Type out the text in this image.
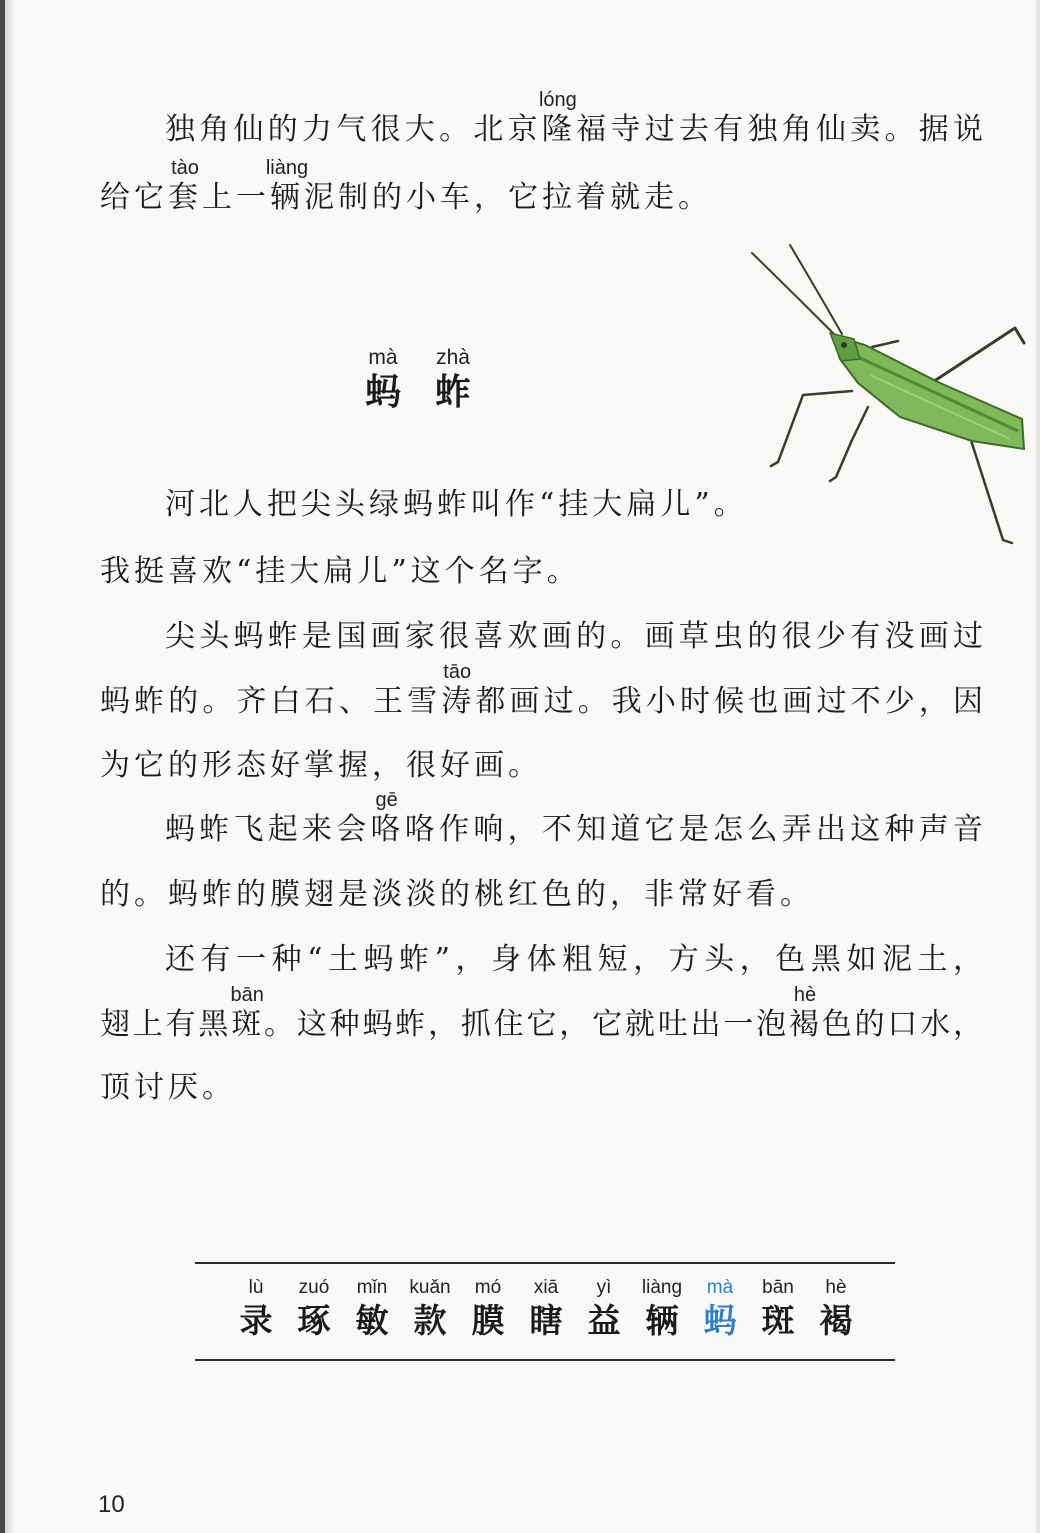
独角仙的力气很大。北京
lóng
隆福寺过去有独角仙卖。据说
给它
tào
套上一
liàng
辆泥制的小车，它拉着就走。
mà
蚂
zhà
蚱
河北人把尖头绿蚂蚱叫作“挂大扁儿”。
我挺喜欢“挂大扁儿”这个名字。
尖头蚂蚱是国画家很喜欢画的。画草虫的很少有没画过
蚂蚱的。齐白石、王雪
tāo
涛都画过。我小时候也画过不少，因
为它的形态好掌握，很好画。
蚂蚱飞起来会
gē
咯咯作响，不知道它是怎么弄出这种声音
的。蚂蚱的膜翅是淡淡的桃红色的，非常好看。
还有一种“土蚂蚱”，身体粗短，方头，色黑如泥土，
翅上有黑
bān
斑。这种蚂蚱，抓住它，它就吐出一泡
hè
褐色的口水，
顶讨厌。
lù
录
zuó
琢
mǐn
敏
kuǎn
款
mó
膜
xiā
瞎
yì
益
liàng
辆
mà
蚂
bān
斑
hè
褐
10
